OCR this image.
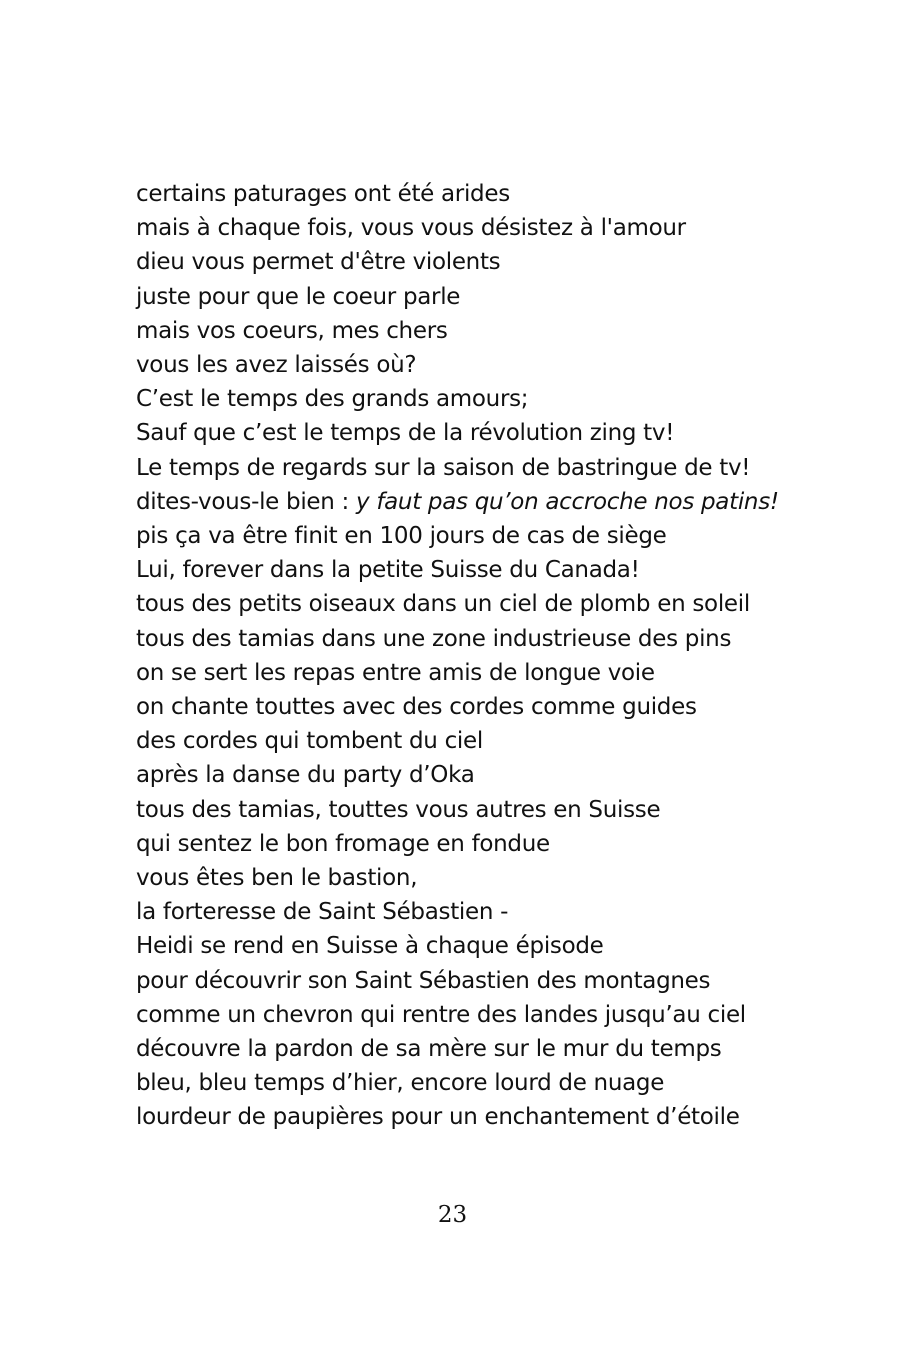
certains paturages ont été arides
mais à chaque fois, vous vous désistez à l'amour
dieu vous permet d'être violents
juste pour que le coeur parle
mais vos coeurs, mes chers
vous les avez laissés où?
C’est le temps des grands amours;
Sauf que c’est le temps de la révolution zing tv!
Le temps de regards sur la saison de bastringue de tv!
dites-vous-le bien : y faut pas qu’on accroche nos patins!
pis ça va être finit en 100 jours de cas de siège
Lui, forever dans la petite Suisse du Canada!
tous des petits oiseaux dans un ciel de plomb en soleil
tous des tamias dans une zone industrieuse des pins
on se sert les repas entre amis de longue voie
on chante touttes avec des cordes comme guides
des cordes qui tombent du ciel
après la danse du party d’Oka
tous des tamias, touttes vous autres en Suisse
qui sentez le bon fromage en fondue
vous êtes ben le bastion,
la forteresse de Saint Sébastien -
Heidi se rend en Suisse à chaque épisode
pour découvrir son Saint Sébastien des montagnes
comme un chevron qui rentre des landes jusqu’au ciel
découvre la pardon de sa mère sur le mur du temps
bleu, bleu temps d’hier, encore lourd de nuage
lourdeur de paupières pour un enchantement d’étoile
23
